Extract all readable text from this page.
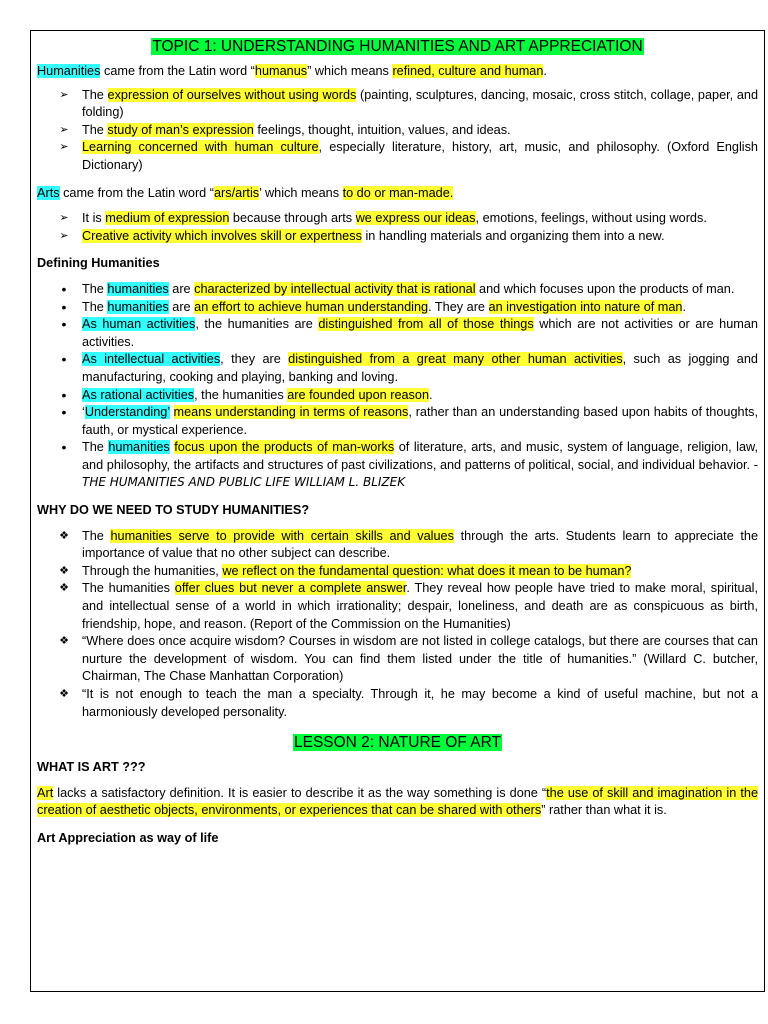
TOPIC 1: UNDERSTANDING HUMANITIES AND ART APPRECIATION

Humanities came from the Latin word “humanus” which means refined, culture and human.

➢ The expression of ourselves without using words (painting, sculptures, dancing, mosaic, cross stitch, collage, paper, and folding)
➢ The study of man’s expression feelings, thought, intuition, values, and ideas.
➢ Learning concerned with human culture, especially literature, history, art, music, and philosophy. (Oxford English Dictionary)

Arts came from the Latin word “ars/artis’ which means to do or man-made.

➢ It is medium of expression because through arts we express our ideas, emotions, feelings, without using words.
➢ Creative activity which involves skill or expertness in handling materials and organizing them into a new.

Defining Humanities

•	The humanities are characterized by intellectual activity that is rational and which focuses upon the products of man.
•	The humanities are an effort to achieve human understanding. They are an investigation into nature of man.
•	As human activities, the humanities are distinguished from all of those things which are not activities or are human activities.
•	As intellectual activities, they are distinguished from a great many other human activities, such as jogging and manufacturing, cooking and playing, banking and loving.
•	As rational activities, the humanities are founded upon reason.
•	‘Understanding’ means understanding in terms of reasons, rather than an understanding based upon habits of thoughts, fauth, or mystical experience.
•	The humanities focus upon the products of man-works of literature, arts, and music, system of language, religion, law, and philosophy, the artifacts and structures of past civilizations, and patterns of political, social, and individual behavior. -THE HUMANITIES AND PUBLIC LIFE WILLIAM L. BLIZEK

WHY DO WE NEED TO STUDY HUMANITIES?

❖ The humanities serve to provide with certain skills and values through the arts. Students learn to appreciate the importance of value that no other subject can describe.
❖ Through the humanities, we reflect on the fundamental question: what does it mean to be human?
❖ The humanities offer clues but never a complete answer. They reveal how people have tried to make moral, spiritual, and intellectual sense of a world in which irrationality; despair, loneliness, and death are as conspicuous as birth, friendship, hope, and reason. (Report of the Commission on the Humanities)
❖ “Where does once acquire wisdom? Courses in wisdom are not listed in college catalogs, but there are courses that can nurture the development of wisdom. You can find them listed under the title of humanities.” (Willard C. butcher, Chairman, The Chase Manhattan Corporation)
❖ “It is not enough to teach the man a specialty. Through it, he may become a kind of useful machine, but not a harmoniously developed personality.
LESSON 2: NATURE OF ART

WHAT IS ART ???

Art lacks a satisfactory definition. It is easier to describe it as the way something is done “the use of skill and imagination in the creation of aesthetic objects, environments, or experiences that can be shared with others” rather than what it is.

Art Appreciation as way of life
